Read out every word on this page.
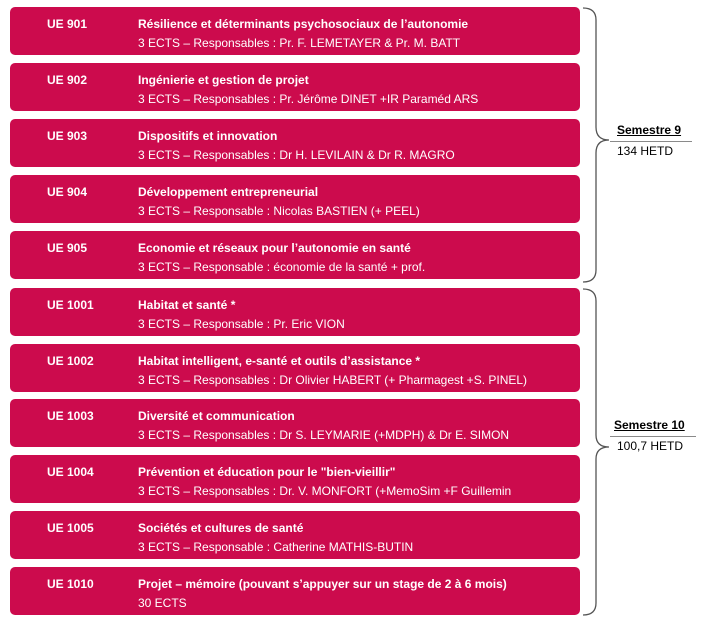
UE 901	Résilience et déterminants psychosociaux de l’autonomie
3 ECTS – Responsables : Pr. F. LEMETAYER & Pr. M. BATT
UE 902	Ingénierie et gestion de projet
3 ECTS – Responsables : Pr. Jérôme DINET +IR Paraméd ARS
UE 903	Dispositifs et innovation
3 ECTS – Responsables : Dr H. LEVILAIN & Dr R. MAGRO
UE 904	Développement entrepreneurial
3 ECTS – Responsable : Nicolas BASTIEN (+ PEEL)
UE 905	Economie et réseaux pour l’autonomie en santé
3 ECTS – Responsable : économie de la santé + prof.
UE 1001	Habitat et santé *
3 ECTS – Responsable : Pr. Eric VION
UE 1002	Habitat intelligent, e-santé et outils d’assistance *
3 ECTS – Responsables : Dr Olivier HABERT (+ Pharmagest +S. PINEL)
UE 1003	Diversité et communication
3 ECTS – Responsables : Dr S. LEYMARIE (+MDPH) & Dr E. SIMON
UE 1004	Prévention et éducation pour le "bien-vieillir"
3 ECTS – Responsables : Dr. V. MONFORT (+MemoSim +F Guillemin
UE 1005	Sociétés et cultures de santé
3 ECTS – Responsable : Catherine MATHIS-BUTIN
UE 1010	Projet – mémoire (pouvant s’appuyer sur un stage de 2 à 6 mois)
30 ECTS
Semestre 9
134 HETD
Semestre 10
100,7 HETD
